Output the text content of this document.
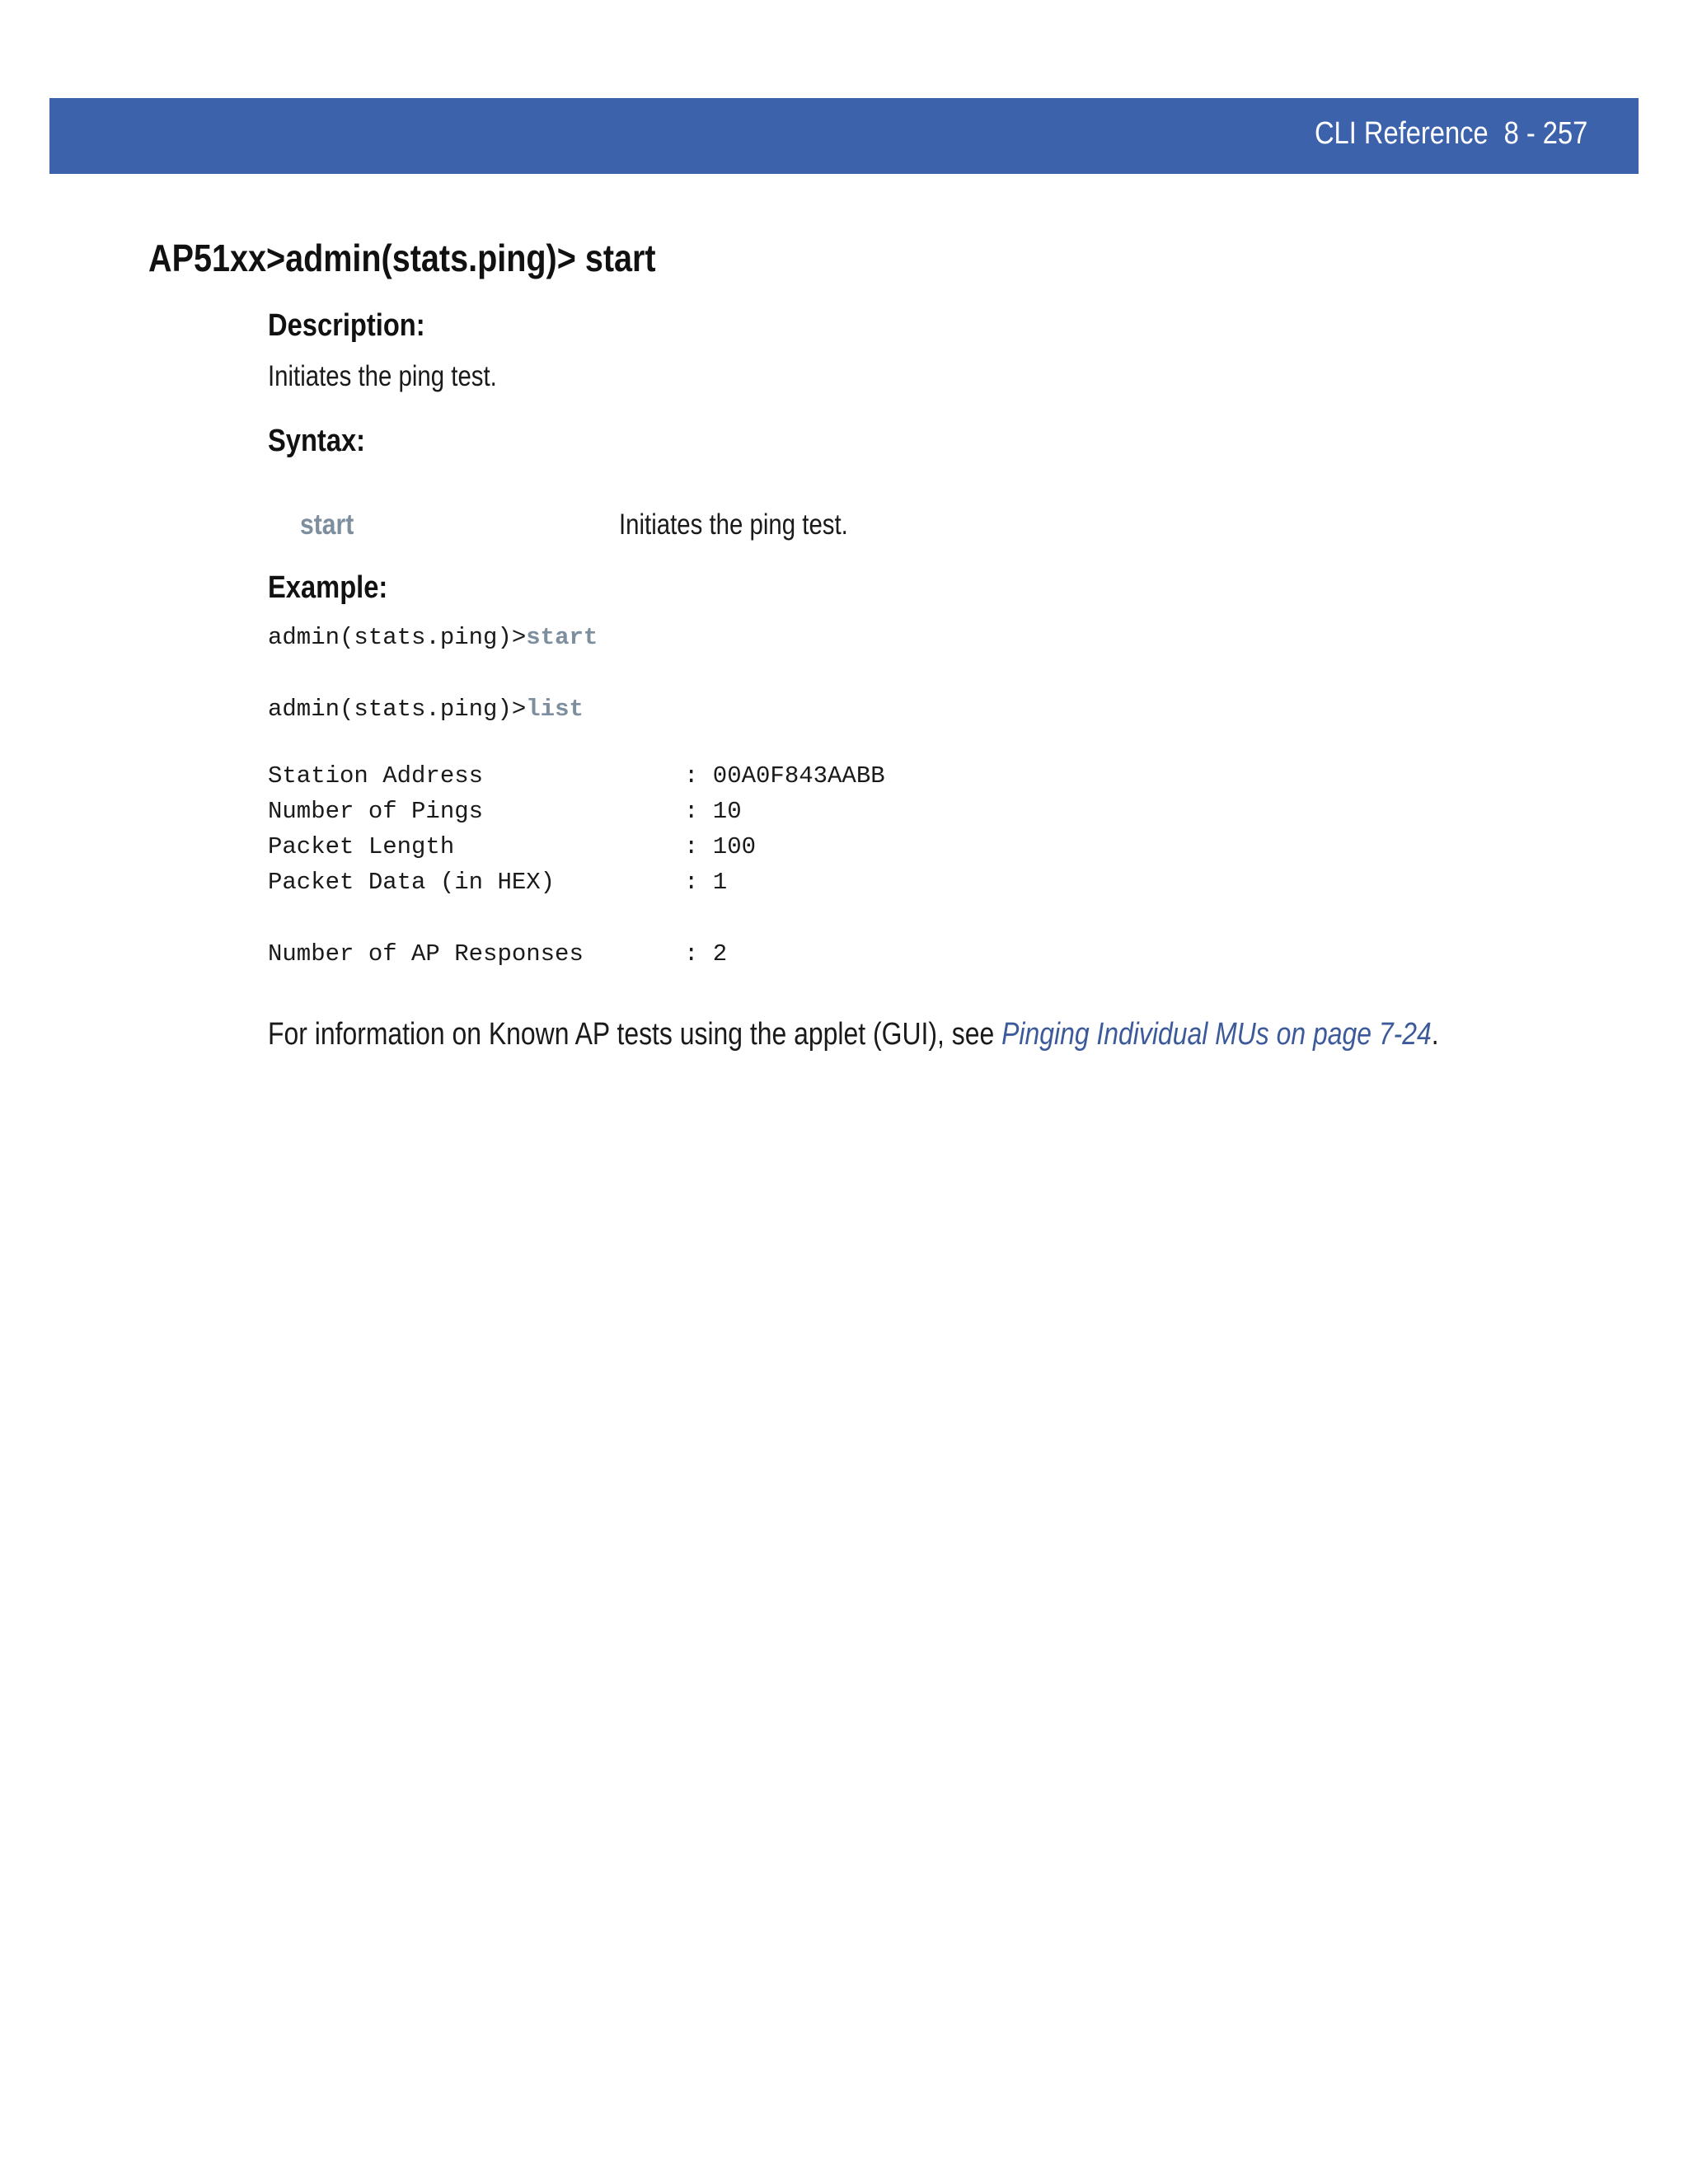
CLI Reference 8 - 257
AP51xx>admin(stats.ping)> start
Description:
Initiates the ping test.
Syntax:
start	Initiates the ping test.
Example:
admin(stats.ping)>start
admin(stats.ping)>list
Station Address	: 00A0F843AABB
Number of Pings	: 10
Packet Length	: 100
Packet Data (in HEX)	: 1
Number of AP Responses	: 2
For information on Known AP tests using the applet (GUI), see Pinging Individual MUs on page 7-24.
